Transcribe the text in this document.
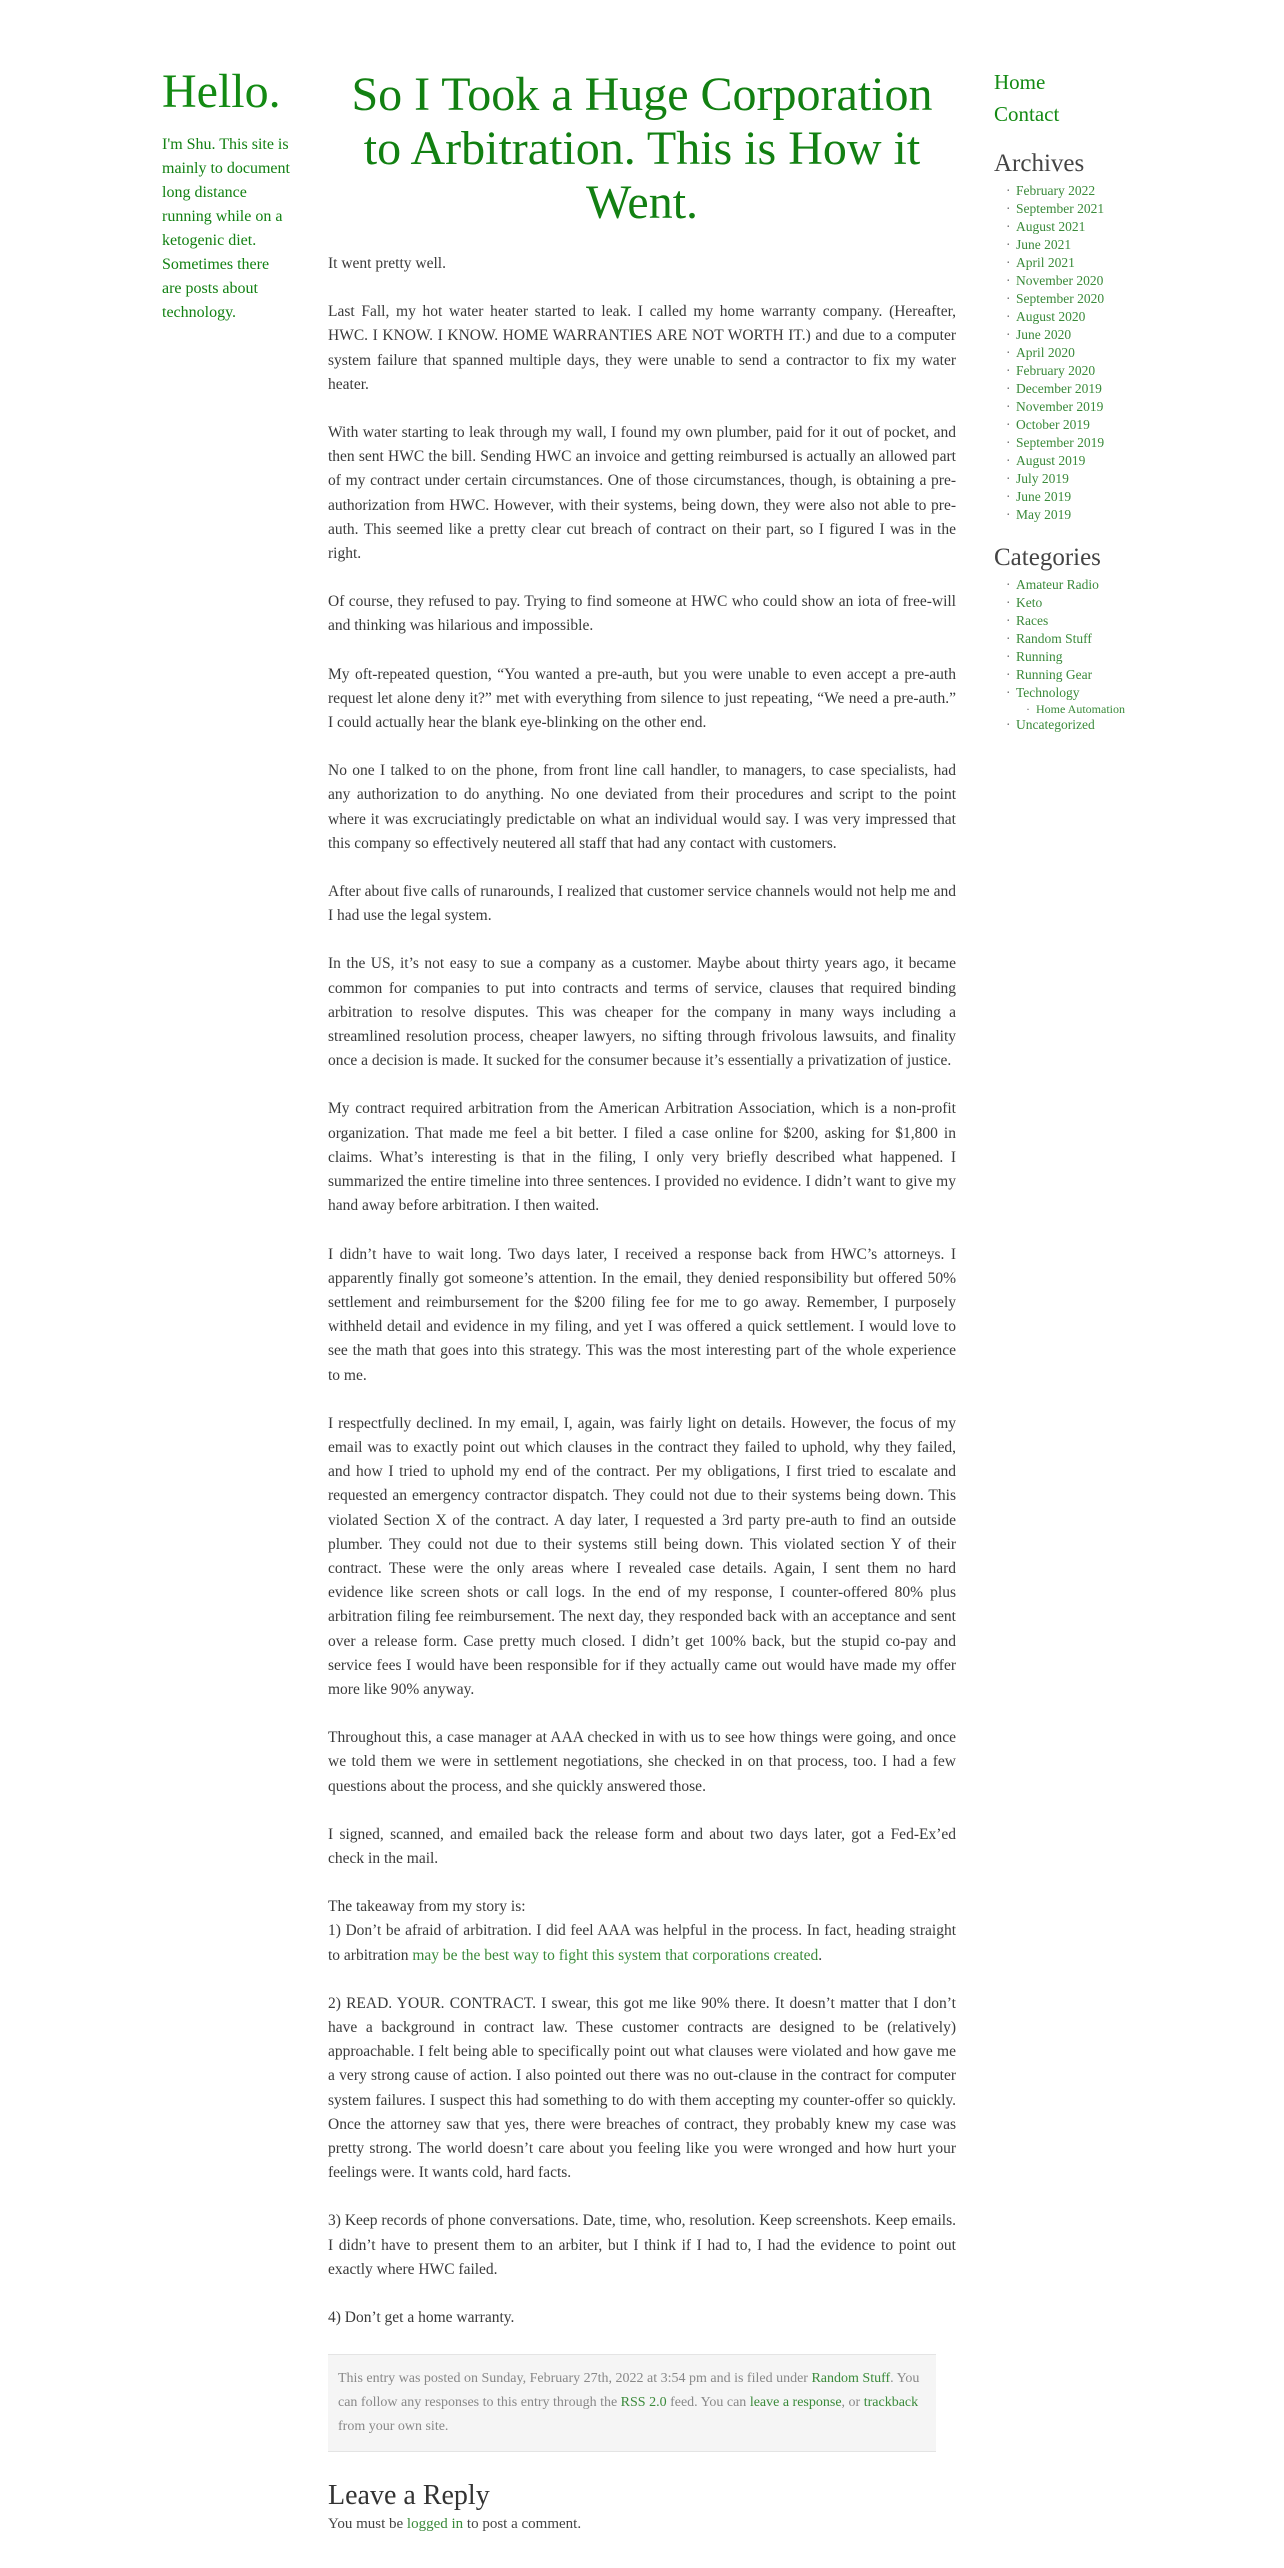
Hello.

I'm Shu. This site is mainly to document long distance running while on a ketogenic diet. Sometimes there are posts about technology.

So I Took a Huge Corporation to Arbitration. This is How it Went.

It went pretty well.

Last Fall, my hot water heater started to leak. I called my home warranty company. (Hereafter, HWC. I KNOW. I KNOW. HOME WARRANTIES ARE NOT WORTH IT.) and due to a computer system failure that spanned multiple days, they were unable to send a contractor to fix my water heater.

With water starting to leak through my wall, I found my own plumber, paid for it out of pocket, and then sent HWC the bill. Sending HWC an invoice and getting reimbursed is actually an allowed part of my contract under certain circumstances. One of those circumstances, though, is obtaining a pre-authorization from HWC. However, with their systems, being down, they were also not able to pre-auth. This seemed like a pretty clear cut breach of contract on their part, so I figured I was in the right.

Of course, they refused to pay. Trying to find someone at HWC who could show an iota of free-will and thinking was hilarious and impossible.

My oft-repeated question, “You wanted a pre-auth, but you were unable to even accept a pre-auth request let alone deny it?” met with everything from silence to just repeating, “We need a pre-auth.” I could actually hear the blank eye-blinking on the other end.

No one I talked to on the phone, from front line call handler, to managers, to case specialists, had any authorization to do anything. No one deviated from their procedures and script to the point where it was excruciatingly predictable on what an individual would say. I was very impressed that this company so effectively neutered all staff that had any contact with customers.

After about five calls of runarounds, I realized that customer service channels would not help me and I had use the legal system.

In the US, it’s not easy to sue a company as a customer. Maybe about thirty years ago, it became common for companies to put into contracts and terms of service, clauses that required binding arbitration to resolve disputes. This was cheaper for the company in many ways including a streamlined resolution process, cheaper lawyers, no sifting through frivolous lawsuits, and finality once a decision is made. It sucked for the consumer because it’s essentially a privatization of justice.

My contract required arbitration from the American Arbitration Association, which is a non-profit organization. That made me feel a bit better. I filed a case online for $200, asking for $1,800 in claims. What’s interesting is that in the filing, I only very briefly described what happened. I summarized the entire timeline into three sentences. I provided no evidence. I didn’t want to give my hand away before arbitration. I then waited.

I didn’t have to wait long. Two days later, I received a response back from HWC’s attorneys. I apparently finally got someone’s attention. In the email, they denied responsibility but offered 50% settlement and reimbursement for the $200 filing fee for me to go away. Remember, I purposely withheld detail and evidence in my filing, and yet I was offered a quick settlement. I would love to see the math that goes into this strategy. This was the most interesting part of the whole experience to me.

I respectfully declined. In my email, I, again, was fairly light on details. However, the focus of my email was to exactly point out which clauses in the contract they failed to uphold, why they failed, and how I tried to uphold my end of the contract. Per my obligations, I first tried to escalate and requested an emergency contractor dispatch. They could not due to their systems being down. This violated Section X of the contract. A day later, I requested a 3rd party pre-auth to find an outside plumber. They could not due to their systems still being down. This violated section Y of their contract. These were the only areas where I revealed case details. Again, I sent them no hard evidence like screen shots or call logs. In the end of my response, I counter-offered 80% plus arbitration filing fee reimbursement. The next day, they responded back with an acceptance and sent over a release form. Case pretty much closed. I didn’t get 100% back, but the stupid co-pay and service fees I would have been responsible for if they actually came out would have made my offer more like 90% anyway.

Throughout this, a case manager at AAA checked in with us to see how things were going, and once we told them we were in settlement negotiations, she checked in on that process, too. I had a few questions about the process, and she quickly answered those.

I signed, scanned, and emailed back the release form and about two days later, got a Fed-Ex’ed check in the mail.

The takeaway from my story is:

1) Don’t be afraid of arbitration. I did feel AAA was helpful in the process. In fact, heading straight to arbitration may be the best way to fight this system that corporations created.

2) READ. YOUR. CONTRACT. I swear, this got me like 90% there. It doesn’t matter that I don’t have a background in contract law. These customer contracts are designed to be (relatively) approachable. I felt being able to specifically point out what clauses were violated and how gave me a very strong cause of action. I also pointed out there was no out-clause in the contract for computer system failures. I suspect this had something to do with them accepting my counter-offer so quickly. Once the attorney saw that yes, there were breaches of contract, they probably knew my case was pretty strong. The world doesn’t care about you feeling like you were wronged and how hurt your feelings were. It wants cold, hard facts.

3) Keep records of phone conversations. Date, time, who, resolution. Keep screenshots. Keep emails. I didn’t have to present them to an arbiter, but I think if I had to, I had the evidence to point out exactly where HWC failed.

4) Don’t get a home warranty.

This entry was posted on Sunday, February 27th, 2022 at 3:54 pm and is filed under Random Stuff. You can follow any responses to this entry through the RSS 2.0 feed. You can leave a response, or trackback from your own site.
Leave a Reply

You must be logged in to post a comment.

Home
Contact
Archives
· February 2022
· September 2021
· August 2021
· June 2021
· April 2021
· November 2020
· September 2020
· August 2020
· June 2020
· April 2020
· February 2020
· December 2019
· November 2019
· October 2019
· September 2019
· August 2019
· July 2019
· June 2019
· May 2019
Categories
· Amateur Radio
· Keto
· Races
· Random Stuff
· Running
· Running Gear
· Technology
· Home Automation
· Uncategorized
